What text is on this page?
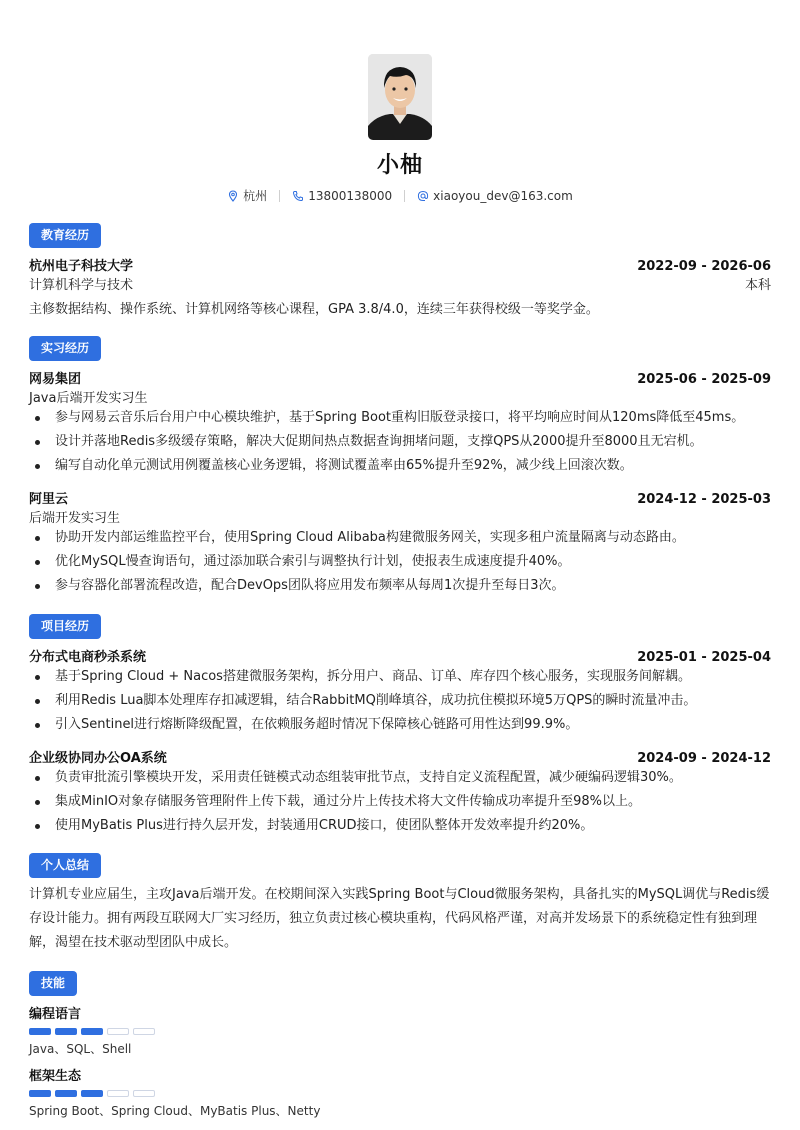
小柚
杭州	13800138000	xiaoyou_dev@163.com
教育经历
杭州电子科技大学	2022-09 - 2026-06
计算机科学与技术	本科
主修数据结构、操作系统、计算机网络等核心课程，GPA 3.8/4.0，连续三年获得校级一等奖学金。
实习经历
网易集团	2025-06 - 2025-09
Java后端开发实习生
参与网易云音乐后台用户中心模块维护，基于Spring Boot重构旧版登录接口，将平均响应时间从120ms降低至45ms。
设计并落地Redis多级缓存策略，解决大促期间热点数据查询拥堵问题，支撑QPS从2000提升至8000且无宕机。
编写自动化单元测试用例覆盖核心业务逻辑，将测试覆盖率由65%提升至92%，减少线上回滚次数。
阿里云	2024-12 - 2025-03
后端开发实习生
协助开发内部运维监控平台，使用Spring Cloud Alibaba构建微服务网关，实现多租户流量隔离与动态路由。
优化MySQL慢查询语句，通过添加联合索引与调整执行计划，使报表生成速度提升40%。
参与容器化部署流程改造，配合DevOps团队将应用发布频率从每周1次提升至每日3次。
项目经历
分布式电商秒杀系统	2025-01 - 2025-04
基于Spring Cloud + Nacos搭建微服务架构，拆分用户、商品、订单、库存四个核心服务，实现服务间解耦。
利用Redis Lua脚本处理库存扣减逻辑，结合RabbitMQ削峰填谷，成功抗住模拟环境5万QPS的瞬时流量冲击。
引入Sentinel进行熔断降级配置，在依赖服务超时情况下保障核心链路可用性达到99.9%。
企业级协同办公OA系统	2024-09 - 2024-12
负责审批流引擎模块开发，采用责任链模式动态组装审批节点，支持自定义流程配置，减少硬编码逻辑30%。
集成MinIO对象存储服务管理附件上传下载，通过分片上传技术将大文件传输成功率提升至98%以上。
使用MyBatis Plus进行持久层开发，封装通用CRUD接口，使团队整体开发效率提升约20%。
个人总结
计算机专业应届生，主攻Java后端开发。在校期间深入实践Spring Boot与Cloud微服务架构，具备扎实的MySQL调优与Redis缓
存设计能力。拥有两段互联网大厂实习经历，独立负责过核心模块重构，代码风格严谨，对高并发场景下的系统稳定性有独到理
解，渴望在技术驱动型团队中成长。
技能
编程语言
Java、SQL、Shell
框架生态
Spring Boot、Spring Cloud、MyBatis Plus、Netty
